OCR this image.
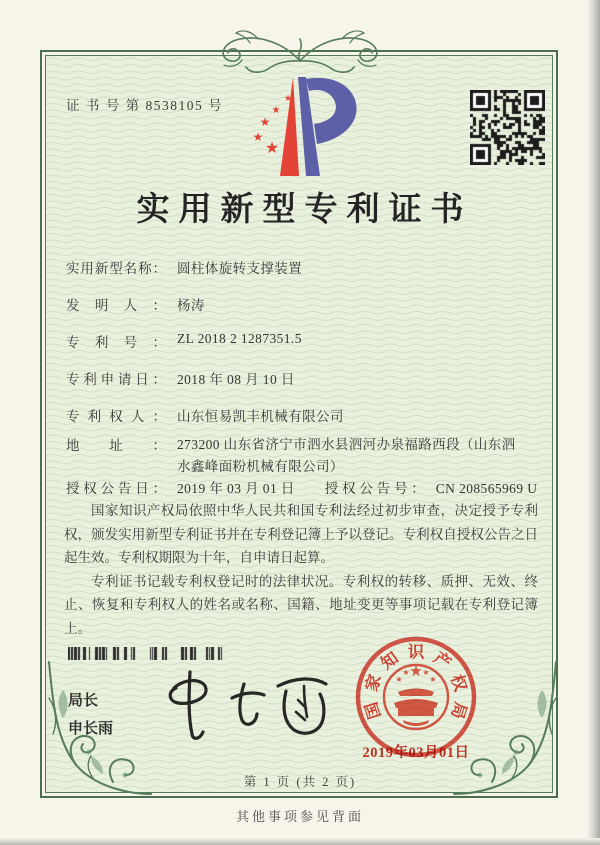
证 书 号 第 8538105 号	★
★
★
★
★
实用新型专利证书
实用新型名称： 圆柱体旋转支撑装置
发明人： 杨涛
专利号： ZL 2018 2 1287351.5
专利申请日： 2018 年 08 月 10 日
专利权人： 山东恒易凯丰机械有限公司
地址： 273200 山东省济宁市泗水县泗河办泉福路西段（山东泗水鑫峰面粉机械有限公司）
授权公告日： 2019 年 03 月 01 日 授权公告号： CN 208565969 U

国家知识产权局依照中华人民共和国专利法经过初步审查，决定授予专利权，颁发实用新型专利证书并在专利登记簿上予以登记。专利权自授权公告之日起生效。专利权期限为十年，自申请日起算。

专利证书记载专利权登记时的法律状况。专利权的转移、质押、无效、终止、恢复和专利权人的姓名或名称、国籍、地址变更等事项记载在专利登记簿上。

局长
申长雨
国
家
知 识 产
权
局
★
★
★ ★
★
2019年03月01日
第 1 页 (共 2 页)
其他事项参见背面
